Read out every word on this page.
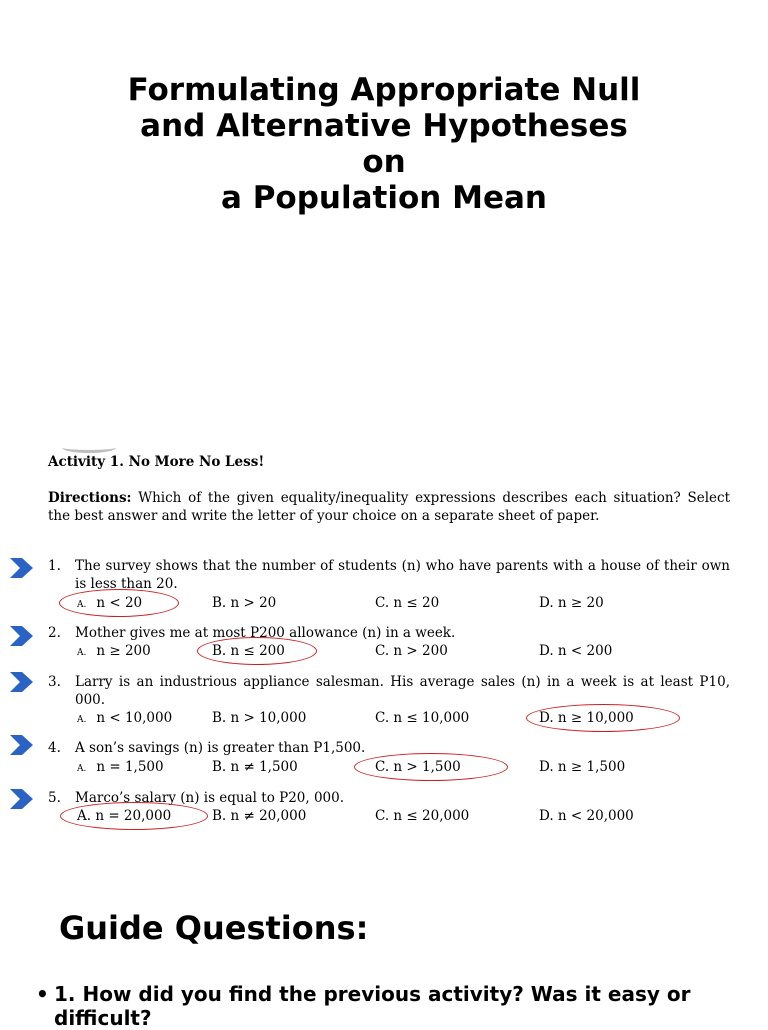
Formulating Appropriate Null
and Alternative Hypotheses
on
a Population Mean
Activity 1. No More No Less!
Directions: Which of the given equality/inequality expressions describes each situation? Select the best answer and write the letter of your choice on a separate sheet of paper.
1. The survey shows that the number of students (n) who have parents with a house of their own is less than 20.
A. n < 20	B. n > 20	C. n ≤ 20	D. n ≥ 20
2. Mother gives me at most P200 allowance (n) in a week.
A. n ≥ 200	B. n ≤ 200	C. n > 200	D. n < 200
3. Larry is an industrious appliance salesman. His average sales (n) in a week is at least P10, 000.
A. n < 10,000	B. n > 10,000	C. n ≤ 10,000	D. n ≥ 10,000
4. A son’s savings (n) is greater than P1,500.
A. n = 1,500	B. n ≠ 1,500	C. n > 1,500	D. n ≥ 1,500
5. Marco’s salary (n) is equal to P20, 000.
A. n = 20,000	B. n ≠ 20,000	C. n ≤ 20,000	D. n < 20,000
Guide Questions:
• 1. How did you find the previous activity? Was it easy or difficult?
